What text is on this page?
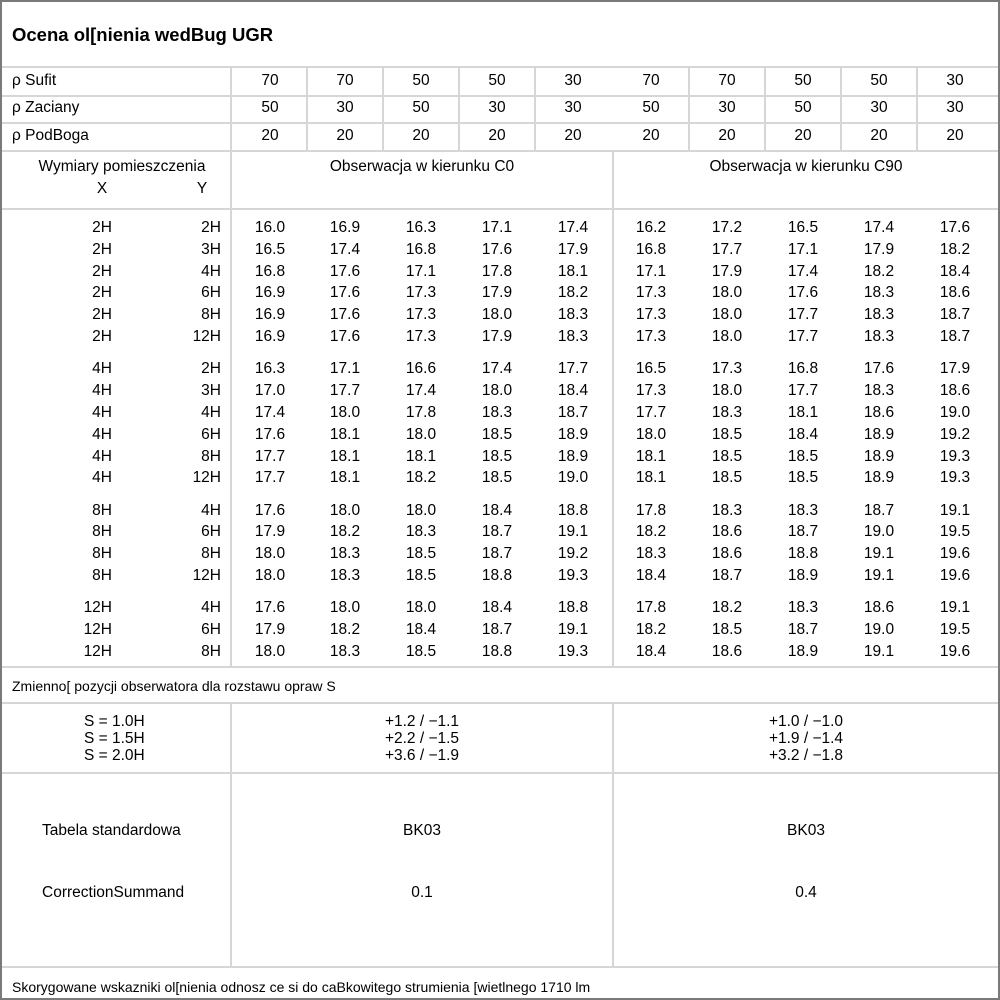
Ocena ol[nienia wedBug UGR
ρ Sufit	70	70	50	50	30	70	70	50	50	30
ρ Zaciany	50	30	50	30	30	50	30	50	30	30
ρ PodBoga	20	20	20	20	20	20	20	20	20	20
Wymiary pomieszczenia
X	Y
Obserwacja w kierunku C0	Obserwacja w kierunku C90
2H	2H	16.0	16.9	16.3	17.1	17.4	16.2	17.2	16.5	17.4	17.6
2H	3H	16.5	17.4	16.8	17.6	17.9	16.8	17.7	17.1	17.9	18.2
2H	4H	16.8	17.6	17.1	17.8	18.1	17.1	17.9	17.4	18.2	18.4
2H	6H	16.9	17.6	17.3	17.9	18.2	17.3	18.0	17.6	18.3	18.6
2H	8H	16.9	17.6	17.3	18.0	18.3	17.3	18.0	17.7	18.3	18.7
2H	12H	16.9	17.6	17.3	17.9	18.3	17.3	18.0	17.7	18.3	18.7
4H	2H	16.3	17.1	16.6	17.4	17.7	16.5	17.3	16.8	17.6	17.9
4H	3H	17.0	17.7	17.4	18.0	18.4	17.3	18.0	17.7	18.3	18.6
4H	4H	17.4	18.0	17.8	18.3	18.7	17.7	18.3	18.1	18.6	19.0
4H	6H	17.6	18.1	18.0	18.5	18.9	18.0	18.5	18.4	18.9	19.2
4H	8H	17.7	18.1	18.1	18.5	18.9	18.1	18.5	18.5	18.9	19.3
4H	12H	17.7	18.1	18.2	18.5	19.0	18.1	18.5	18.5	18.9	19.3
8H	4H	17.6	18.0	18.0	18.4	18.8	17.8	18.3	18.3	18.7	19.1
8H	6H	17.9	18.2	18.3	18.7	19.1	18.2	18.6	18.7	19.0	19.5
8H	8H	18.0	18.3	18.5	18.7	19.2	18.3	18.6	18.8	19.1	19.6
8H	12H	18.0	18.3	18.5	18.8	19.3	18.4	18.7	18.9	19.1	19.6
12H	4H	17.6	18.0	18.0	18.4	18.8	17.8	18.2	18.3	18.6	19.1
12H	6H	17.9	18.2	18.4	18.7	19.1	18.2	18.5	18.7	19.0	19.5
12H	8H	18.0	18.3	18.5	18.8	19.3	18.4	18.6	18.9	19.1	19.6
Zmienno[ pozycji obserwatora dla rozstawu opraw S
S = 1.0H	+1.2 / −1.1	+1.0 / −1.0
S = 1.5H	+2.2 / −1.5	+1.9 / −1.4
S = 2.0H	+3.6 / −1.9	+3.2 / −1.8
Tabela standardowa	BK03	BK03
CorrectionSummand	0.1	0.4
Skorygowane wskazniki ol[nienia odnosz ce si do caBkowitego strumienia [wietlnego 1710 lm
